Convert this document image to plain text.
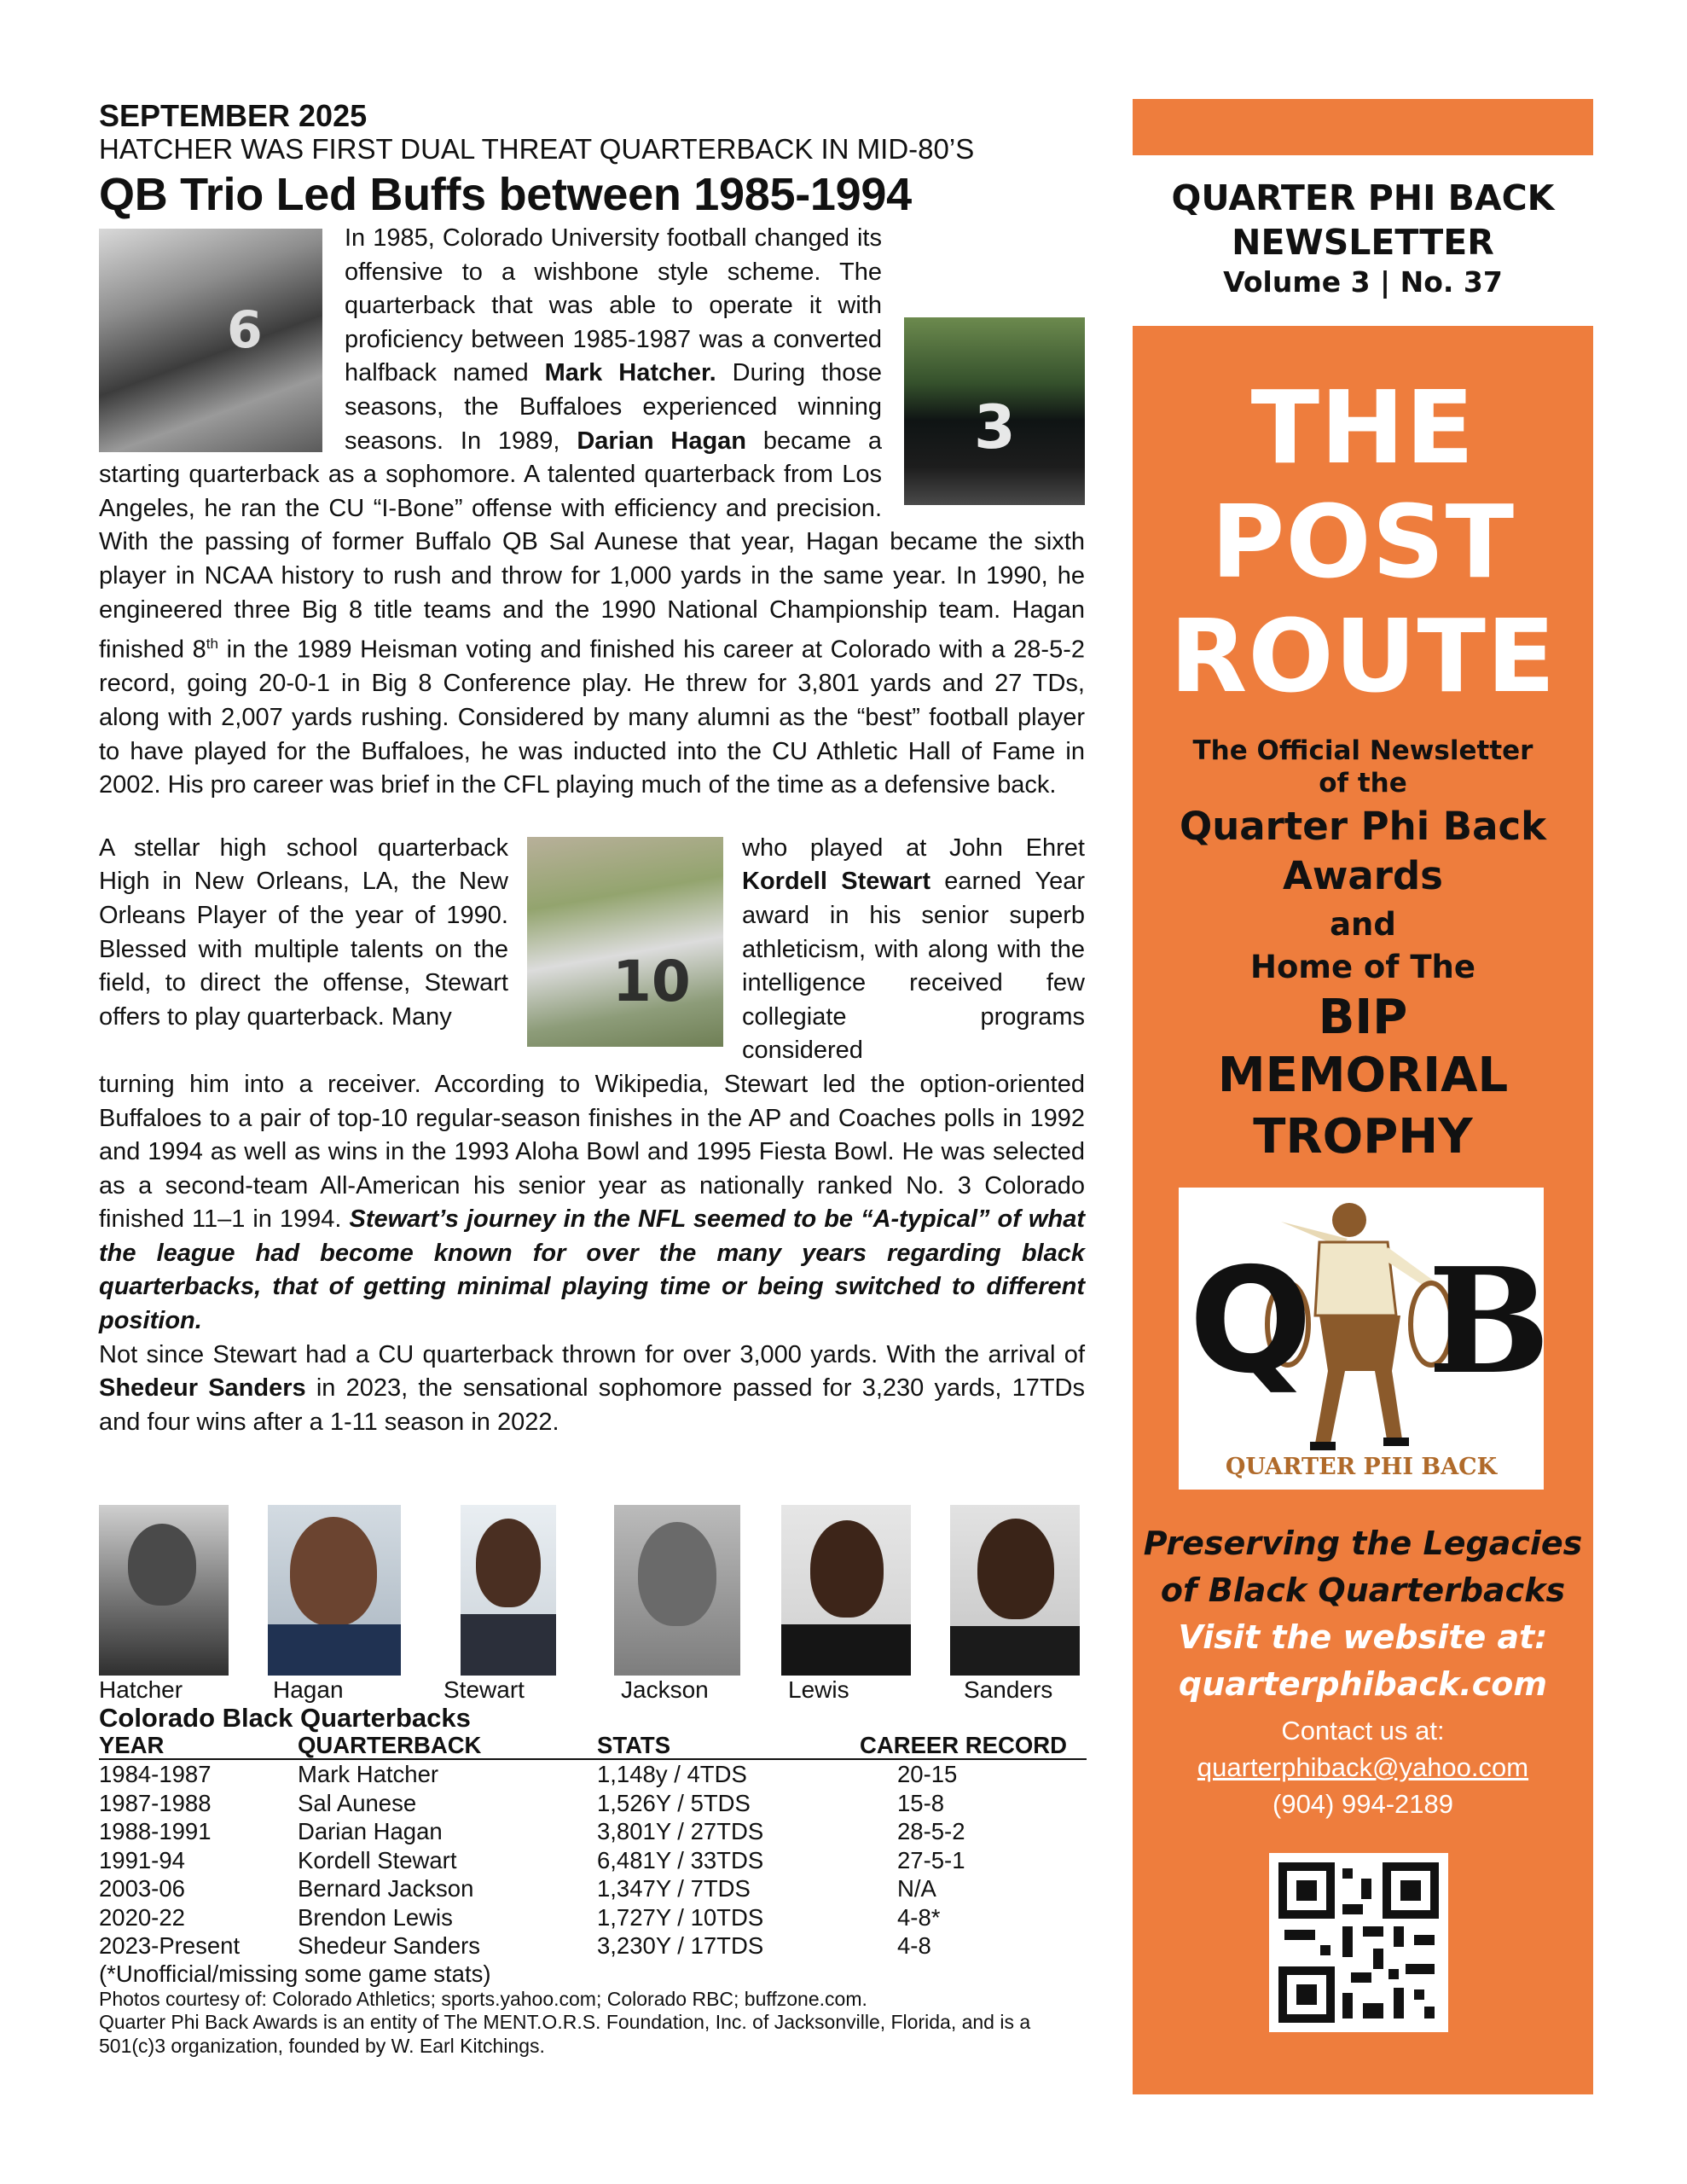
SEPTEMBER 2025
HATCHER WAS FIRST DUAL THREAT QUARTERBACK IN MID-80’S
QB Trio Led Buffs between 1985-1994

6
3
In 1985, Colorado University football changed its offensive to a wishbone style scheme. The quarterback that was able to operate it with proficiency between 1985-1987 was a converted halfback named Mark Hatcher. During those seasons, the Buffaloes experienced winning seasons. In 1989, Darian Hagan became a starting quarterback as a sophomore. A talented quarterback from Los Angeles, he ran the CU “I-Bone” offense with efficiency and precision. With the passing of former Buffalo QB Sal Aunese that year, Hagan became the sixth player in NCAA history to rush and throw for 1,000 yards in the same year. In 1990, he engineered three Big 8 title teams and the 1990 National Championship team. Hagan finished 8th in the 1989 Heisman voting and finished his career at Colorado with a 28-5-2 record, going 20-0-1 in Big 8 Conference play. He threw for 3,801 yards and 27 TDs, along with 2,007 yards rushing. Considered by many alumni as the “best” football player to have played for the Buffaloes, he was inducted into the CU Athletic Hall of Fame in 2002. His pro career was brief in the CFL playing much of the time as a defensive back.

A stellar high school quarterback High in New Orleans, LA, the New Orleans Player of the year of 1990. Blessed with multiple talents on the field, to direct the offense, Stewart offers to play quarterback. Many
10
who played at John Ehret Kordell Stewart earned Year award in his senior superb athleticism, with along with the intelligence received few collegiate programs considered
turning him into a receiver. According to Wikipedia, Stewart led the option-oriented Buffaloes to a pair of top-10 regular-season finishes in the AP and Coaches polls in 1992 and 1994 as well as wins in the 1993 Aloha Bowl and 1995 Fiesta Bowl. He was selected as a second-team All-American his senior year as nationally ranked No. 3 Colorado finished 11–1 in 1994. Stewart’s journey in the NFL seemed to be “A-typical” of what the league had become known for over the many years regarding black quarterbacks, that of getting minimal playing time or being switched to different position.
Not since Stewart had a CU quarterback thrown for over 3,000 yards. With the arrival of Shedeur Sanders in 2023, the sensational sophomore passed for 3,230 yards, 17TDs and four wins after a 1-11 season in 2022.
Hatcher	Hagan	Stewart	Jackson	Lewis	Sanders
Colorado Black Quarterbacks
YEAR	QUARTERBACK	STATS	CAREER RECORD
1984-1987	Mark Hatcher	1,148y / 4TDS	20-15
1987-1988	Sal Aunese	1,526Y / 5TDS	15-8
1988-1991	Darian Hagan	3,801Y / 27TDS	28-5-2
1991-94	Kordell Stewart	6,481Y / 33TDS	27-5-1
2003-06	Bernard Jackson	1,347Y / 7TDS	N/A
2020-22	Brendon Lewis	1,727Y / 10TDS	4-8*
2023-Present	Shedeur Sanders	3,230Y / 17TDS	4-8
(*Unofficial/missing some game stats)
Photos courtesy of: Colorado Athletics; sports.yahoo.com; Colorado RBC; buffzone.com.
Quarter Phi Back Awards is an entity of The MENT.O.R.S. Foundation, Inc. of Jacksonville, Florida, and is a 501(c)3 organization, founded by W. Earl Kitchings.
QUARTER PHI BACK
NEWSLETTER
Volume 3 | No. 37
THE
POST
ROUTE
The Official Newsletter
of the
Quarter Phi Back
Awards
and
Home of The
BIP
MEMORIAL
TROPHY
Q B
QUARTER PHI BACK
Preserving the Legacies
of Black Quarterbacks
Visit the website at:
quarterphiback.com
Contact us at:
quarterphiback@yahoo.com
(904) 994-2189
